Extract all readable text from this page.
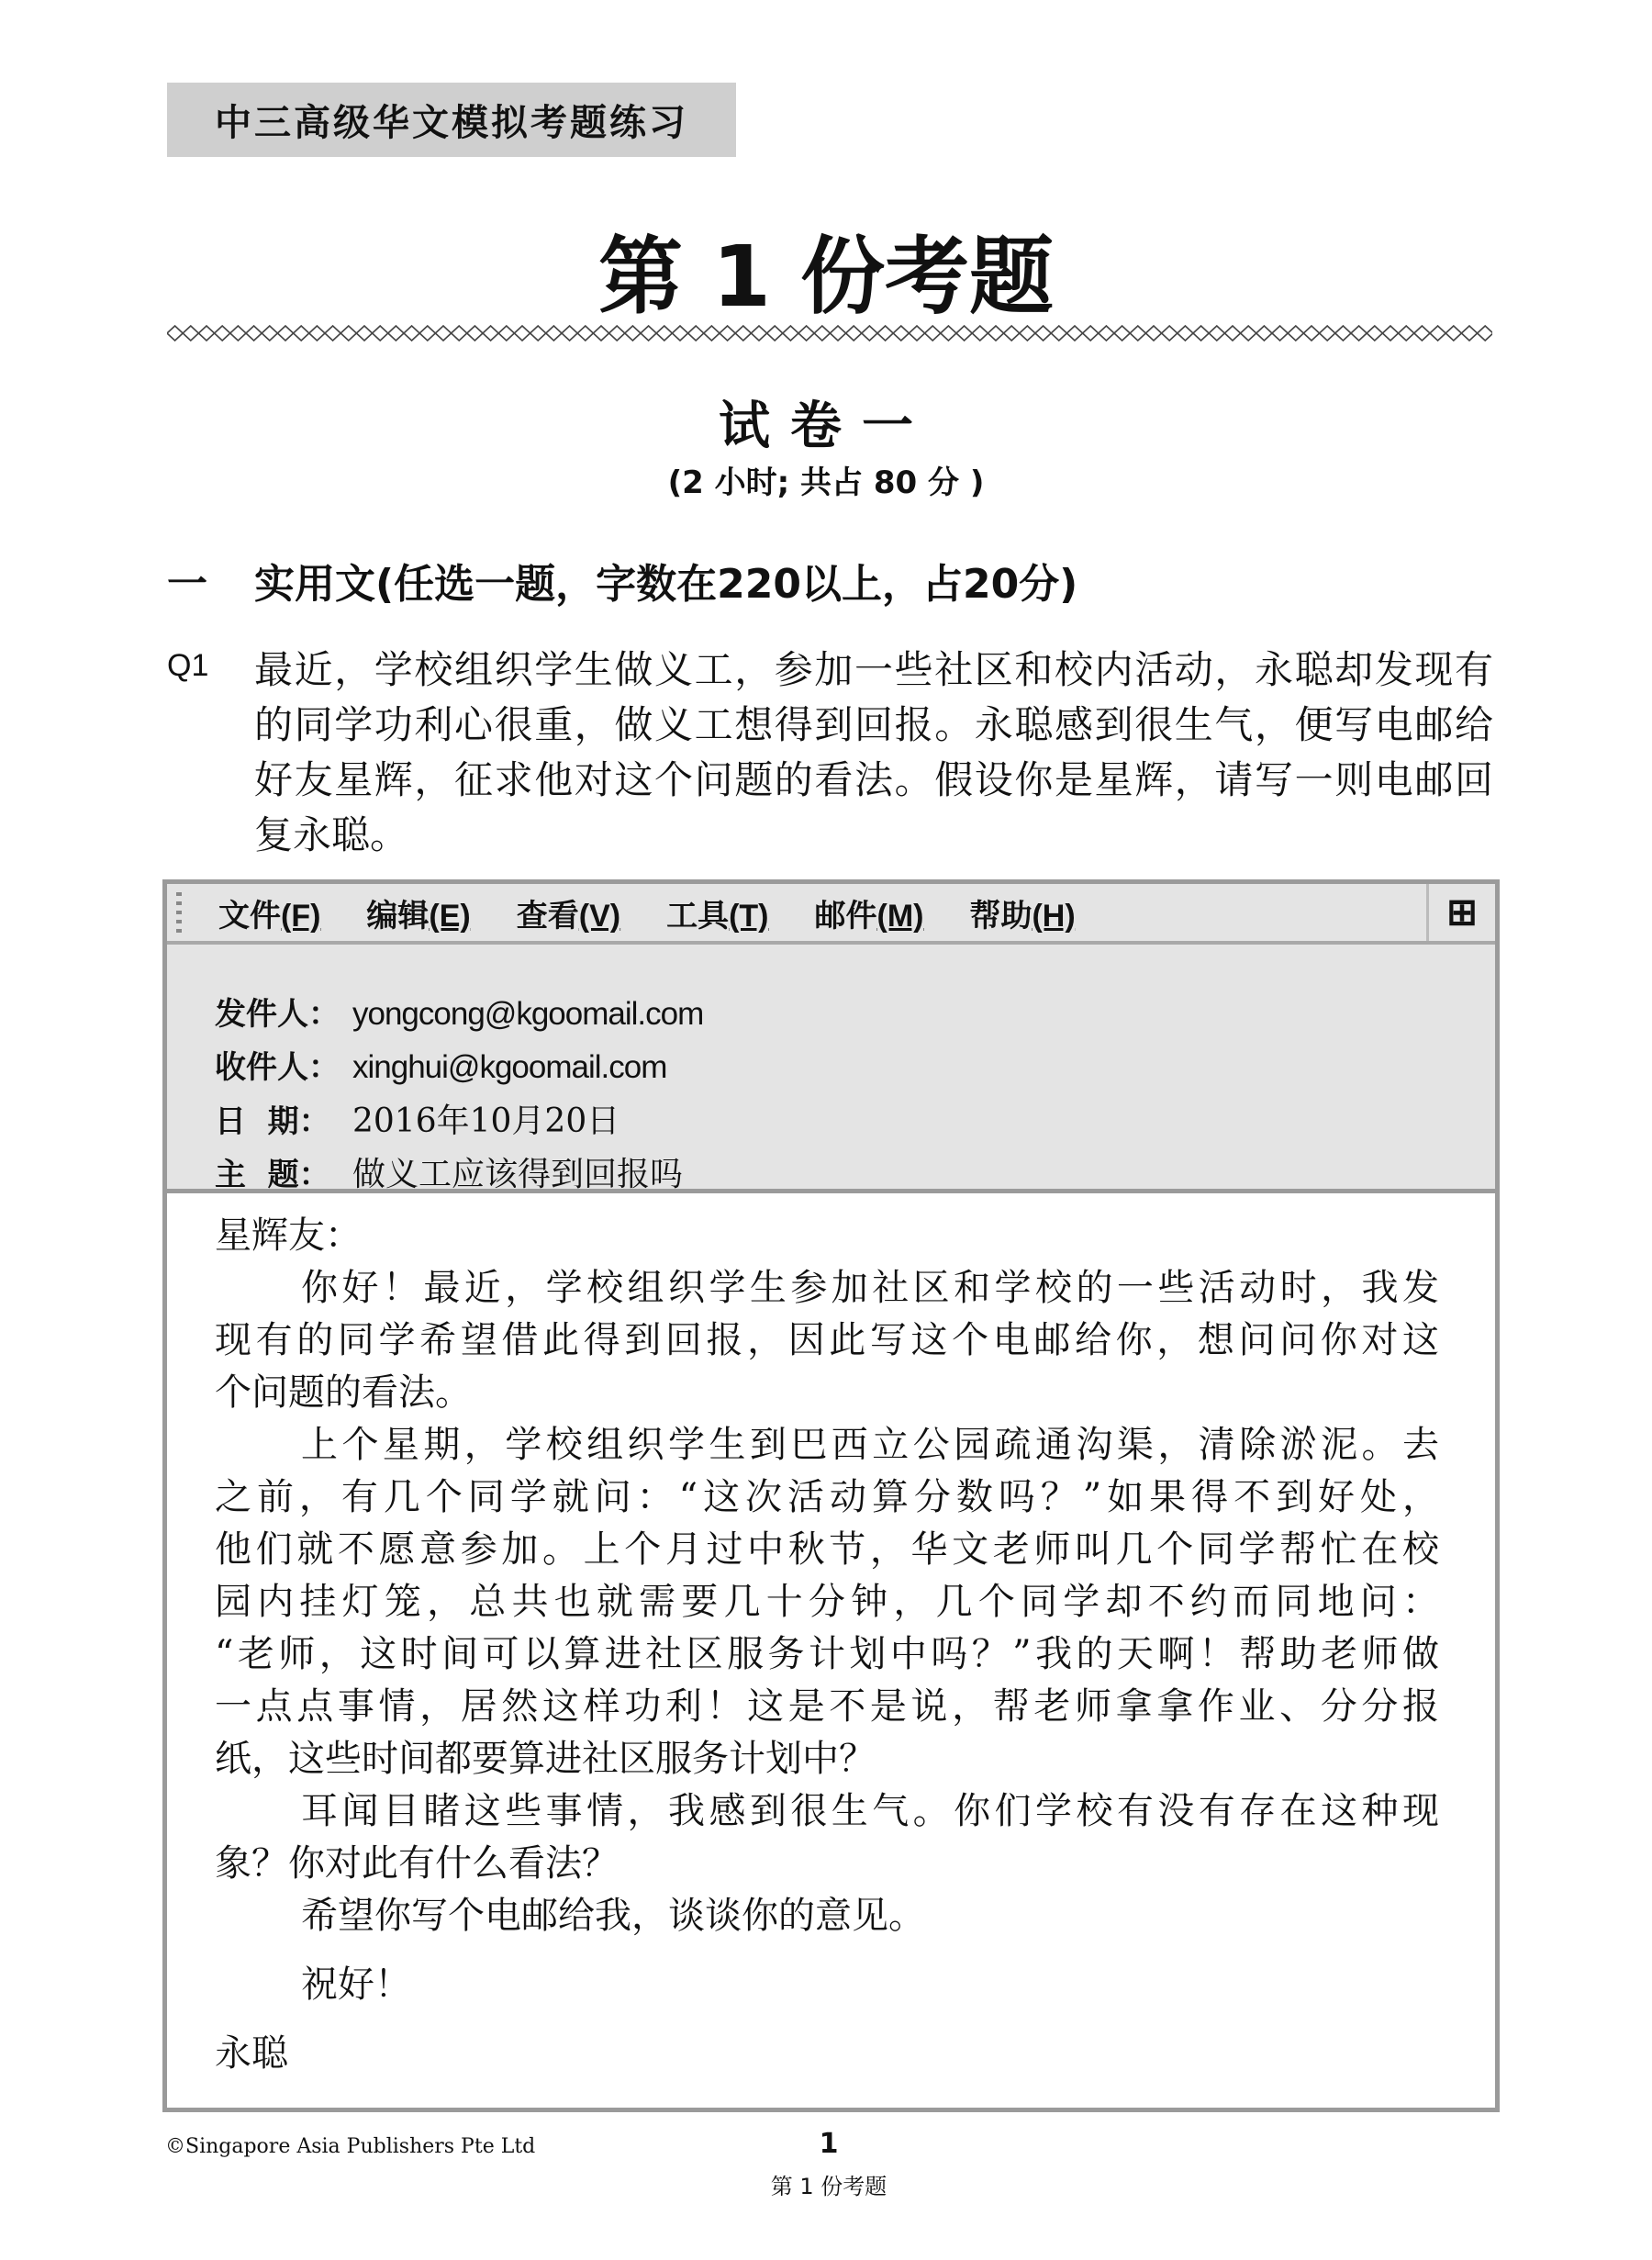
中三高级华文模拟考题练习
第 1 份考题
试卷一
(2 小时; 共占 80 分 )
一	实用文(任选一题，字数在220以上，占20分)
Q1	最近，学校组织学生做义工，参加一些社区和校内活动，永聪却发现有
的同学功利心很重，做义工想得到回报。永聪感到很生气，便写电邮给
好友星辉，征求他对这个问题的看法。假设你是星辉，请写一则电邮回
复永聪。
文件(F) 编辑(E) 查看(V) 工具(T) 邮件(M) 帮助(H)	⊞
发件人： yongcong@kgoomail.com
收件人： xinghui@kgoomail.com
日  期： 2016年10月20日
主  题： 做义工应该得到回报吗
星辉友：
你好！最近，学校组织学生参加社区和学校的一些活动时，我发
现有的同学希望借此得到回报，因此写这个电邮给你，想问问你对这
个问题的看法。
上个星期，学校组织学生到巴西立公园疏通沟渠，清除淤泥。去
之前，有几个同学就问：“这次活动算分数吗？”如果得不到好处，
他们就不愿意参加。上个月过中秋节，华文老师叫几个同学帮忙在校
园内挂灯笼，总共也就需要几十分钟，几个同学却不约而同地问：
“老师，这时间可以算进社区服务计划中吗？”我的天啊！帮助老师做
一点点事情，居然这样功利！这是不是说，帮老师拿拿作业、分分报
纸，这些时间都要算进社区服务计划中？
耳闻目睹这些事情，我感到很生气。你们学校有没有存在这种现
象？你对此有什么看法？
希望你写个电邮给我，谈谈你的意见。
祝好！
永聪
©Singapore Asia Publishers Pte Ltd	1
第 1 份考题
